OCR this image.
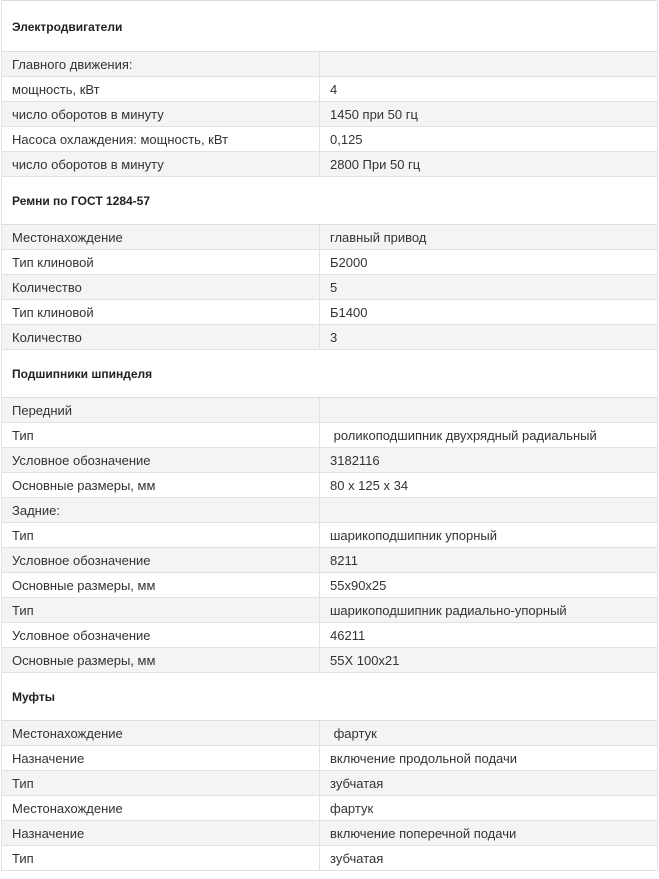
Электродвигатели
Главного движения:
мощность, кВт	4
число оборотов в минуту	1450 при 50 гц
Насоса охлаждения: мощность, кВт	0,125
число оборотов в минуту	2800 При 50 гц
Ремни по ГОСТ 1284-57
Местонахождение	главный привод
Тип клиновой	Б2000
Количество	5
Тип клиновой	Б1400
Количество	3
Подшипники шпинделя
Передний
Тип	роликоподшипник двухрядный радиальный
Условное обозначение	3182116
Основные размеры, мм	80 х 125 х 34
Задние:
Тип	шарикоподшипник упорный
Условное обозначение	8211
Основные размеры, мм	55х90х25
Тип	шарикоподшипник радиально-упорный
Условное обозначение	46211
Основные размеры, мм	55Х 100х21
Муфты
Местонахождение	фартук
Назначение	включение продольной подачи
Тип	зубчатая
Местонахождение	фартук
Назначение	включение поперечной подачи
Тип	зубчатая
